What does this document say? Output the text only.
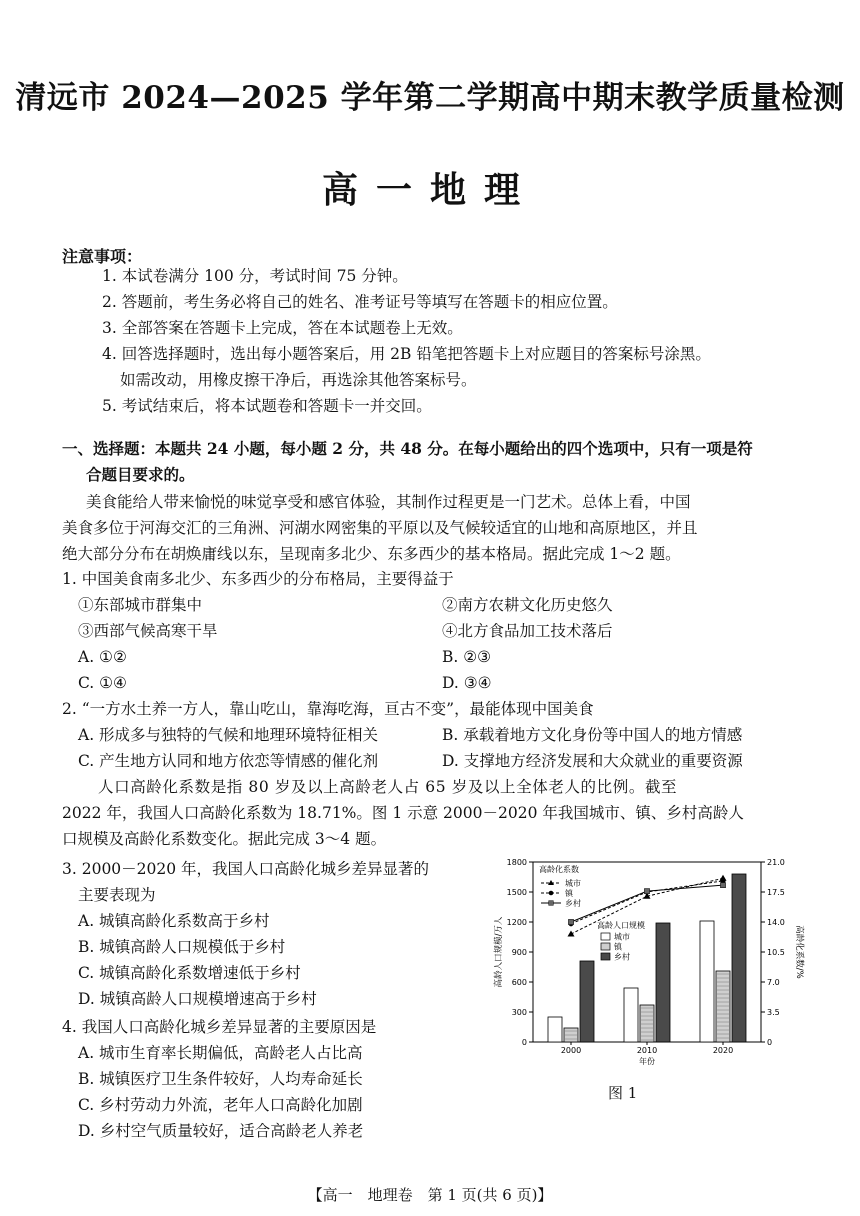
清远市 2024—2025 学年第二学期高中期末教学质量检测
高一地理
注意事项：
1. 本试卷满分 100 分，考试时间 75 分钟。
2. 答题前，考生务必将自己的姓名、准考证号等填写在答题卡的相应位置。
3. 全部答案在答题卡上完成，答在本试题卷上无效。
4. 回答选择题时，选出每小题答案后，用 2B 铅笔把答题卡上对应题目的答案标号涂黑。
如需改动，用橡皮擦干净后，再选涂其他答案标号。
5. 考试结束后，将本试题卷和答题卡一并交回。
一、选择题：本题共 24 小题，每小题 2 分，共 48 分。在每小题给出的四个选项中，只有一项是符
合题目要求的。
美食能给人带来愉悦的味觉享受和感官体验，其制作过程更是一门艺术。总体上看，中国
美食多位于河海交汇的三角洲、河湖水网密集的平原以及气候较适宜的山地和高原地区，并且
绝大部分分布在胡焕庸线以东，呈现南多北少、东多西少的基本格局。据此完成 1～2 题。
1. 中国美食南多北少、东多西少的分布格局，主要得益于
①东部城市群集中	②南方农耕文化历史悠久
③西部气候高寒干旱	④北方食品加工技术落后
A. ①②	B. ②③
C. ①④	D. ③④
2. “一方水土养一方人，靠山吃山，靠海吃海，亘古不变”，最能体现中国美食
A. 形成多与独特的气候和地理环境特征相关	B. 承载着地方文化身份等中国人的地方情感
C. 产生地方认同和地方依恋等情感的催化剂	D. 支撑地方经济发展和大众就业的重要资源
人口高龄化系数是指 80 岁及以上高龄老人占 65 岁及以上全体老人的比例。截至
2022 年，我国人口高龄化系数为 18.71%。图 1 示意 2000－2020 年我国城市、镇、乡村高龄人
口规模及高龄化系数变化。据此完成 3～4 题。
3. 2000－2020 年，我国人口高龄化城乡差异显著的
主要表现为
A. 城镇高龄化系数高于乡村
B. 城镇高龄人口规模低于乡村
C. 城镇高龄化系数增速低于乡村
D. 城镇高龄人口规模增速高于乡村
4. 我国人口高龄化城乡差异显著的主要原因是
A. 城市生育率长期偏低，高龄老人占比高
B. 城镇医疗卫生条件较好，人均寿命延长
C. 乡村劳动力外流，老年人口高龄化加剧
D. 乡村空气质量较好，适合高龄老人养老
0
300
600
900
1200
1500
1800
0
3.5
7.0
10.5
14.0
17.5
21.0
高龄人口规模/万人	高龄化系数/%
2000	2010	2020
年份
高龄化系数
城市
镇
乡村
高龄人口规模
城市
镇
乡村
图 1
【高一　地理卷　第 1 页(共 6 页)】
